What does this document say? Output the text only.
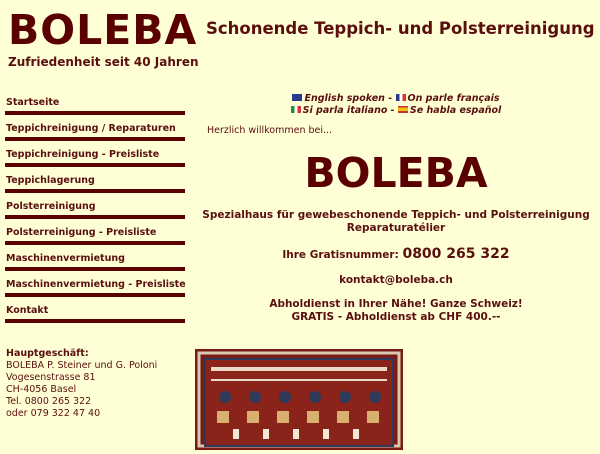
BOLEBA
Zufriedenheit seit 40 Jahren
Schonende Teppich- und Polsterreinigung
Startseite
Teppichreinigung / Reparaturen
Teppichreinigung - Preisliste
Teppichlagerung
Polsterreinigung
Polsterreinigung - Preisliste
Maschinenvermietung
Maschinenvermietung - Preisliste
Kontakt
Hauptgeschäft:
BOLEBA P. Steiner und G. Poloni
Vogesenstrasse 81
CH-4056 Basel
Tel. 0800 265 322
oder 079 322 47 40
English spoken - On parle français
Si parla italiano - Se habla español
Herzlich willkommen bei...
BOLEBA
Spezialhaus für gewebeschonende Teppich- und Polsterreinigung
Reparaturatélier
Ihre Gratisnummer: 0800 265 322
kontakt@boleba.ch
Abholdienst in Ihrer Nähe! Ganze Schweiz!
GRATIS - Abholdienst ab CHF 400.--
